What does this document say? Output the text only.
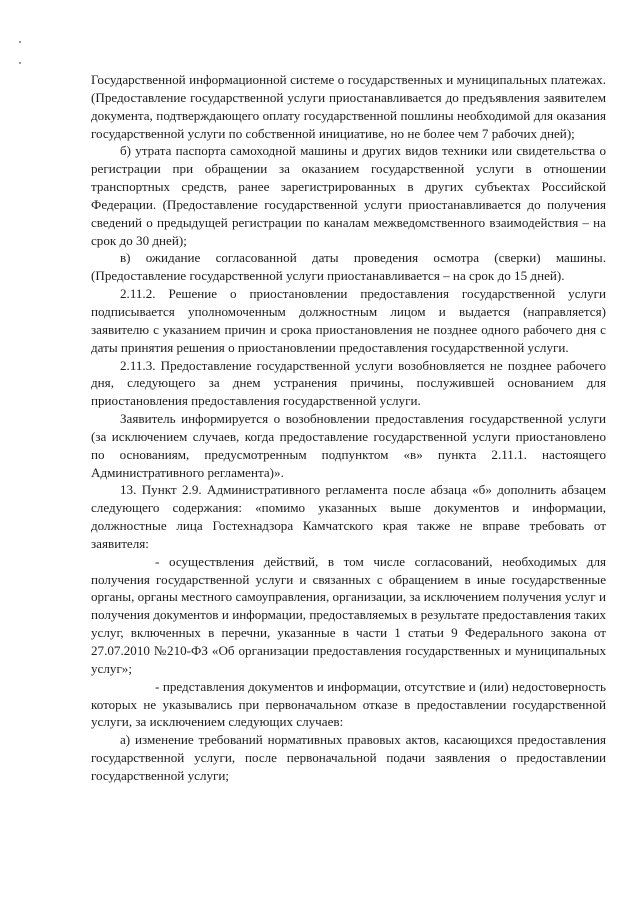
Государственной информационной системе о государственных и муниципальных платежах. (Предоставление государственной услуги приостанавливается до предъявления заявителем документа, подтверждающего оплату государственной пошлины необходимой для оказания государственной услуги по собственной инициативе, но не более чем 7 рабочих дней);

б) утрата паспорта самоходной машины и других видов техники или свидетельства о регистрации при обращении за оказанием государственной услуги в отношении транспортных средств, ранее зарегистрированных в других субъектах Российской Федерации. (Предоставление государственной услуги приостанавливается до получения сведений о предыдущей регистрации по каналам межведомственного взаимодействия – на срок до 30 дней);

в) ожидание согласованной даты проведения осмотра (сверки) машины. (Предоставление государственной услуги приостанавливается – на срок до 15 дней).

2.11.2. Решение о приостановлении предоставления государственной услуги подписывается уполномоченным должностным лицом и выдается (направляется) заявителю с указанием причин и срока приостановления не позднее одного рабочего дня с даты принятия решения о приостановлении предоставления государственной услуги.

2.11.3. Предоставление государственной услуги возобновляется не позднее рабочего дня, следующего за днем устранения причины, послужившей основанием для приостановления предоставления государственной услуги.

Заявитель информируется о возобновлении предоставления государственной услуги (за исключением случаев, когда предоставление государственной услуги приостановлено по основаниям, предусмотренным подпунктом «в» пункта 2.11.1. настоящего Административного регламента)».

13. Пункт 2.9. Административного регламента после абзаца «б» дополнить абзацем следующего содержания: «помимо указанных выше документов и информации, должностные лица Гостехнадзора Камчатского края также не вправе требовать от заявителя:

- осуществления действий, в том числе согласований, необходимых для получения государственной услуги и связанных с обращением в иные государственные органы, органы местного самоуправления, организации, за исключением получения услуг и получения документов и информации, предоставляемых в результате предоставления таких услуг, включенных в перечни, указанные в части 1 статьи 9 Федерального закона от 27.07.2010 №210-ФЗ «Об организации предоставления государственных и муниципальных услуг»;

- представления документов и информации, отсутствие и (или) недостоверность которых не указывались при первоначальном отказе в предоставлении государственной услуги, за исключением следующих случаев:

а) изменение требований нормативных правовых актов, касающихся предоставления государственной услуги, после первоначальной подачи заявления о предоставлении государственной услуги;
